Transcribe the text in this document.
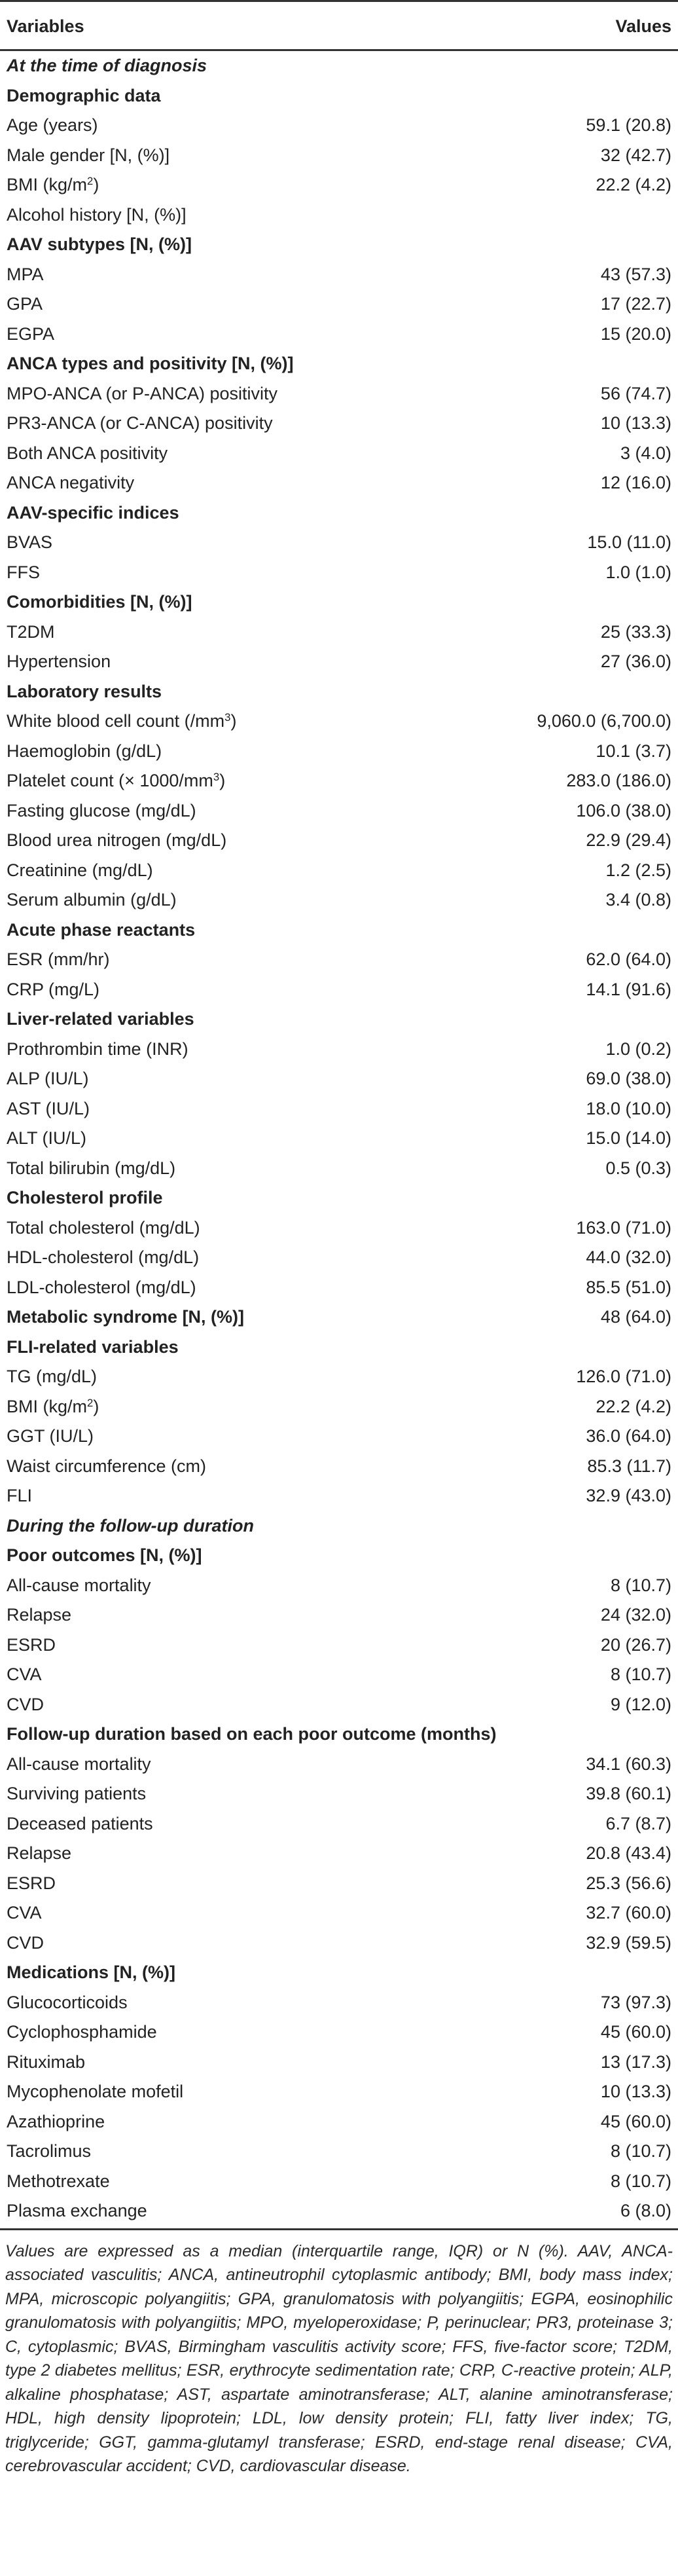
Variables	Values
At the time of diagnosis
Demographic data
Age (years)	59.1 (20.8)
Male gender [N, (%)]	32 (42.7)
BMI $(kg/m^2)$	22.2 (4.2)
Alcohol history [N, (%)]
AAV subtypes [N, (%)]
MPA	43 (57.3)
GPA	17 (22.7)
EGPA	15 (20.0)
ANCA types and positivity [N, (%)]
MPO-ANCA (or P-ANCA) positivity	56 (74.7)
PR3-ANCA (or C-ANCA) positivity	10 (13.3)
Both ANCA positivity	3 (4.0)
ANCA negativity	12 (16.0)
AAV-specific indices
BVAS	15.0 (11.0)
FFS	1.0 (1.0)
Comorbidities [N, (%)]
T2DM	25 (33.3)
Hypertension	27 (36.0)
Laboratory results
White blood cell count $(/mm^3)$	9,060.0 (6,700.0)
Haemoglobin (g/dL)	10.1 (3.7)
Platelet count (× $1000/mm^3$)	283.0 (186.0)
Fasting glucose (mg/dL)	106.0 (38.0)
Blood urea nitrogen (mg/dL)	22.9 (29.4)
Creatinine (mg/dL)	1.2 (2.5)
Serum albumin (g/dL)	3.4 (0.8)
Acute phase reactants
ESR (mm/hr)	62.0 (64.0)
CRP (mg/L)	14.1 (91.6)
Liver-related variables
Prothrombin time (INR)	1.0 (0.2)
ALP (IU/L)	69.0 (38.0)
AST (IU/L)	18.0 (10.0)
ALT (IU/L)	15.0 (14.0)
Total bilirubin (mg/dL)	0.5 (0.3)
Cholesterol profile
Total cholesterol (mg/dL)	163.0 (71.0)
HDL-cholesterol (mg/dL)	44.0 (32.0)
LDL-cholesterol (mg/dL)	85.5 (51.0)
Metabolic syndrome [N, (%)]	48 (64.0)
FLI-related variables
TG (mg/dL)	126.0 (71.0)
BMI $(kg/m^2)$	22.2 (4.2)
GGT (IU/L)	36.0 (64.0)
Waist circumference (cm)	85.3 (11.7)
FLI	32.9 (43.0)
During the follow-up duration
Poor outcomes [N, (%)]
All-cause mortality	8 (10.7)
Relapse	24 (32.0)
ESRD	20 (26.7)
CVA	8 (10.7)
CVD	9 (12.0)
Follow-up duration based on each poor outcome (months)
All-cause mortality	34.1 (60.3)
Surviving patients	39.8 (60.1)
Deceased patients	6.7 (8.7)
Relapse	20.8 (43.4)
ESRD	25.3 (56.6)
CVA	32.7 (60.0)
CVD	32.9 (59.5)
Medications [N, (%)]
Glucocorticoids	73 (97.3)
Cyclophosphamide	45 (60.0)
Rituximab	13 (17.3)
Mycophenolate mofetil	10 (13.3)
Azathioprine	45 (60.0)
Tacrolimus	8 (10.7)
Methotrexate	8 (10.7)
Plasma exchange	6 (8.0)

Values are expressed as a median (interquartile range, IQR) or N (%). AAV, ANCA-associated vasculitis; ANCA, antineutrophil cytoplasmic antibody; BMI, body mass index; MPA, microscopic polyangiitis; GPA, granulomatosis with polyangiitis; EGPA, eosinophilic granulomatosis with polyangiitis; MPO, myeloperoxidase; P, perinuclear; PR3, proteinase 3; C, cytoplasmic; BVAS, Birmingham vasculitis activity score; FFS, five-factor score; T2DM, type 2 diabetes mellitus; ESR, erythrocyte sedimentation rate; CRP, C-reactive protein; ALP, alkaline phosphatase; AST, aspartate aminotransferase; ALT, alanine aminotransferase; HDL, high density lipoprotein; LDL, low density protein; FLI, fatty liver index; TG, triglyceride; GGT, gamma-glutamyl transferase; ESRD, end-stage renal disease; CVA, cerebrovascular accident; CVD, cardiovascular disease.
